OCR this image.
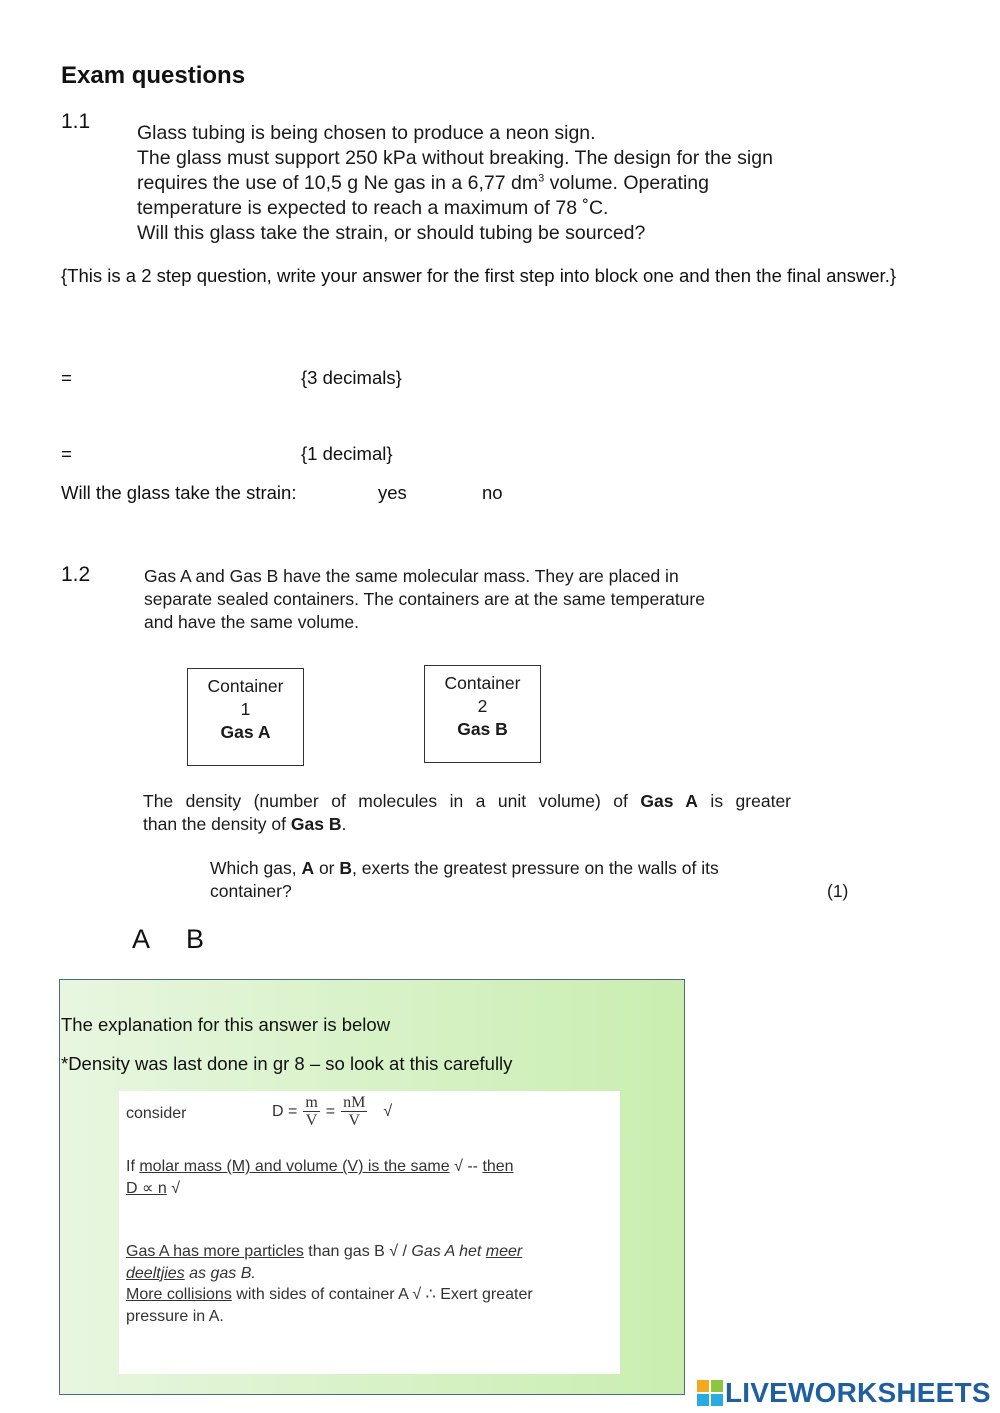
Exam questions
1.1 Glass tubing is being chosen to produce a neon sign.
The glass must support 250 kPa without breaking. The design for the sign
requires the use of 10,5 g Ne gas in a 6,77 $dm^3$ volume. Operating
temperature is expected to reach a maximum of 78 ˚C.
Will this glass take the strain, or should tubing be sourced?
{This is a 2 step question, write your answer for the first step into block one and then the final answer.}
=	{3 decimals}
=	{1 decimal}
Will the glass take the strain:	yes	no
1.2	Gas A and Gas B have the same molecular mass. They are placed in
separate sealed containers. The containers are at the same temperature
and have the same volume.
Container
1
Gas A
Container
2
Gas B
The density (number of molecules in a unit volume) of Gas A is greater
than the density of Gas B.
Which gas, A or B, exerts the greatest pressure on the walls of its
container?	(1)
A B
The explanation for this answer is below
*Density was last done in gr 8 – so look at this carefully
consider	$D = \frac{m}{V} = \frac{nM}{V}$ √
If molar mass (M) and volume (V) is the same √ -- then
D ∝ n √
Gas A has more particles than gas B √ / Gas A het meer
deeltjies as gas B.
More collisions with sides of container A √ ∴ Exert greater
pressure in A.
LIVEWORKSHEETS
